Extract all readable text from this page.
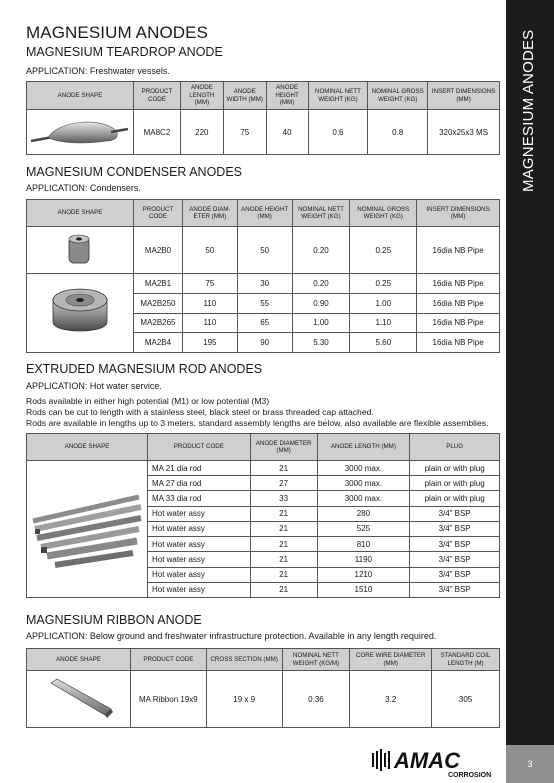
MAGNESIUM ANODES
3
MAGNESIUM ANODES
MAGNESIUM TEARDROP ANODE
APPLICATION: Freshwater vessels.
ANODE SHAPE	PRODUCT CODE	ANODE LENGTH (MM)	ANODE WIDTH (MM)	ANODE HEIGHT (MM)	NOMINAL NETT WEIGHT (KG)	NOMINAL GROSS WEIGHT (KG)	INSERT DIMENSIONS (MM)
	MA8C2	220	75	40	0.6	0.8	320x25x3 MS
MAGNESIUM CONDENSER ANODES
APPLICATION: Condensers.
ANODE SHAPE	PRODUCT CODE	ANODE DIAM- ETER (MM)	ANODE HEIGHT (MM)	NOMINAL NETT WEIGHT (KG)	NOMINAL GROSS WEIGHT (KG)	INSERT DIMENSIONS (MM)
	MA2B0	50	50	0.20	0.25	16dia NB Pipe
	MA2B1	75	30	0.20	0.25	16dia NB Pipe
	MA2B250	110	55	0.90	1.00	16dia NB Pipe
	MA2B265	110	65	1.00	1.10	16dia NB Pipe
	MA2B4	195	90	5.30	5.60	16dia NB Pipe
EXTRUDED MAGNESIUM ROD ANODES
APPLICATION: Hot water service.
Rods available in either high potential (M1) or low potential (M3)
Rods can be cut to length with a stainless steel, black steel or brass threaded cap attached.
Rods are available in lengths up to 3 meters, standard assembly lengths are below, also available are flexible assemblies.
ANODE SHAPE	PRODUCT CODE	ANODE DIAMETER (MM)	ANODE LENGTH (MM)	PLUG
	MA 21 dia rod	21	3000 max.	plain or with plug
	MA 27 dia rod	27	3000 max.	plain or with plug
	MA 33 dia rod	33	3000 max.	plain or with plug
	Hot water assy	21	280	3/4” BSP
	Hot water assy	21	525	3/4” BSP
	Hot water assy	21	810	3/4” BSP
	Hot water assy	21	1190	3/4” BSP
	Hot water assy	21	1210	3/4” BSP
	Hot water assy	21	1510	3/4” BSP
MAGNESIUM RIBBON ANODE
APPLICATION: Below ground and freshwater infrastructure protection. Available in any length required.
ANODE SHAPE	PRODUCT CODE	CROSS SECTION (MM)	NOMINAL NETT WEIGHT (KG/M)	CORE WIRE DIAMETER (MM)	STANDARD COIL LENGTH (M)
	MA Ribbon 19x9	19 x 9	0.36	3.2	305
AMAC
CORROSION
